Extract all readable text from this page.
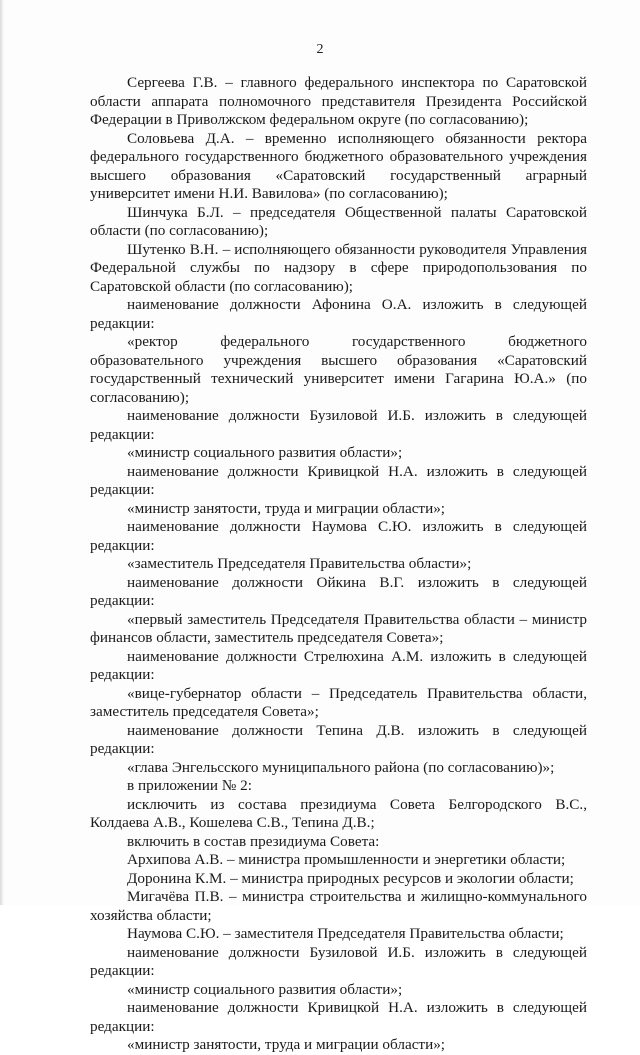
2

Сергеева Г.В. – главного федерального инспектора по Саратовской области аппарата полномочного представителя Президента Российской Федерации в Приволжском федеральном округе (по согласованию);

Соловьева Д.А. – временно исполняющего обязанности ректора федерального государственного бюджетного образовательного учреждения высшего образования «Саратовский государственный аграрный университет имени Н.И. Вавилова» (по согласованию);

Шинчука Б.Л. – председателя Общественной палаты Саратовской области (по согласованию);

Шутенко В.Н. – исполняющего обязанности руководителя Управления Федеральной службы по надзору в сфере природопользования по Саратовской области (по согласованию);

наименование должности Афонина О.А. изложить в следующей редакции:

«ректор федерального государственного бюджетного образовательного учреждения высшего образования «Саратовский государственный технический университет имени Гагарина Ю.А.» (по согласованию);

наименование должности Бузиловой И.Б. изложить в следующей редакции:

«министр социального развития области»;

наименование должности Кривицкой Н.А. изложить в следующей редакции:

«министр занятости, труда и миграции области»;

наименование должности Наумова С.Ю. изложить в следующей редакции:

«заместитель Председателя Правительства области»;

наименование должности Ойкина В.Г. изложить в следующей редакции:

«первый заместитель Председателя Правительства области – министр финансов области, заместитель председателя Совета»;

наименование должности Стрелюхина А.М. изложить в следующей редакции:

«вице-губернатор области – Председатель Правительства области, заместитель председателя Совета»;

наименование должности Тепина Д.В. изложить в следующей редакции:

«глава Энгельсского муниципального района (по согласованию)»;

в приложении № 2:

исключить из состава президиума Совета Белгородского В.С., Колдаева А.В., Кошелева С.В., Тепина Д.В.;

включить в состав президиума Совета:

Архипова А.В. – министра промышленности и энергетики области;

Доронина К.М. – министра природных ресурсов и экологии области;

Мигачёва П.В. – министра строительства и жилищно-коммунального хозяйства области;

Наумова С.Ю. – заместителя Председателя Правительства области;

наименование должности Бузиловой И.Б. изложить в следующей редакции:

«министр социального развития области»;

наименование должности Кривицкой Н.А. изложить в следующей редакции:

«министр занятости, труда и миграции области»;
